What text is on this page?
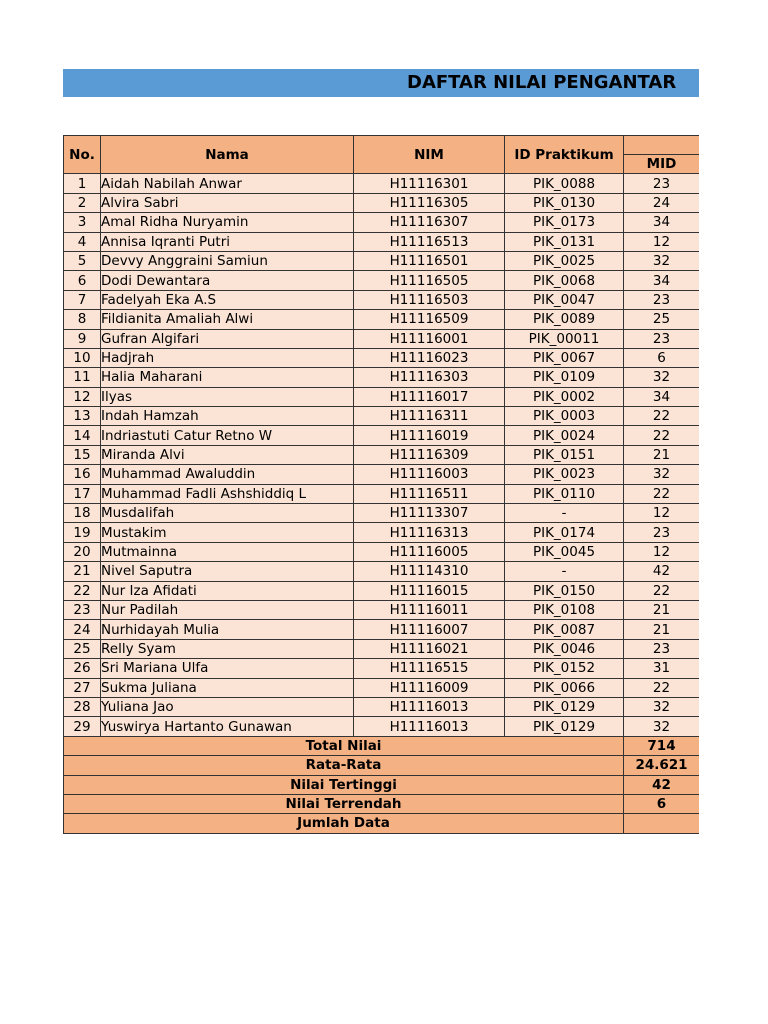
DAFTAR NILAI PENGANTAR
No.	Nama	NIM	ID Praktikum		
				MID	
1	Aidah Nabilah Anwar	H11116301	PIK_0088	23	
2	Alvira Sabri	H11116305	PIK_0130	24	
3	Amal Ridha Nuryamin	H11116307	PIK_0173	34	
4	Annisa Iqranti Putri	H11116513	PIK_0131	12	
5	Devvy Anggraini Samiun	H11116501	PIK_0025	32	
6	Dodi Dewantara	H11116505	PIK_0068	34	
7	Fadelyah Eka A.S	H11116503	PIK_0047	23	
8	Fildianita Amaliah Alwi	H11116509	PIK_0089	25	
9	Gufran Algifari	H11116001	PIK_00011	23	
10	Hadjrah	H11116023	PIK_0067	6	
11	Halia Maharani	H11116303	PIK_0109	32	
12	Ilyas	H11116017	PIK_0002	34	
13	Indah Hamzah	H11116311	PIK_0003	22	
14	Indriastuti Catur Retno W	H11116019	PIK_0024	22	
15	Miranda Alvi	H11116309	PIK_0151	21	
16	Muhammad Awaluddin	H11116003	PIK_0023	32	
17	Muhammad Fadli Ashshiddiq L	H11116511	PIK_0110	22	
18	Musdalifah	H11113307	-	12	
19	Mustakim	H11116313	PIK_0174	23	
20	Mutmainna	H11116005	PIK_0045	12	
21	Nivel Saputra	H11114310	-	42	
22	Nur Iza Afidati	H11116015	PIK_0150	22	
23	Nur Padilah	H11116011	PIK_0108	21	
24	Nurhidayah Mulia	H11116007	PIK_0087	21	
25	Relly Syam	H11116021	PIK_0046	23	
26	Sri Mariana Ulfa	H11116515	PIK_0152	31	
27	Sukma Juliana	H11116009	PIK_0066	22	
28	Yuliana Jao	H11116013	PIK_0129	32	
29	Yuswirya Hartanto Gunawan	H11116013	PIK_0129	32	
Total Nilai				714	
Rata-Rata				24.621	
Nilai Tertinggi				42	
Nilai Terrendah				6	
Jumlah Data					
